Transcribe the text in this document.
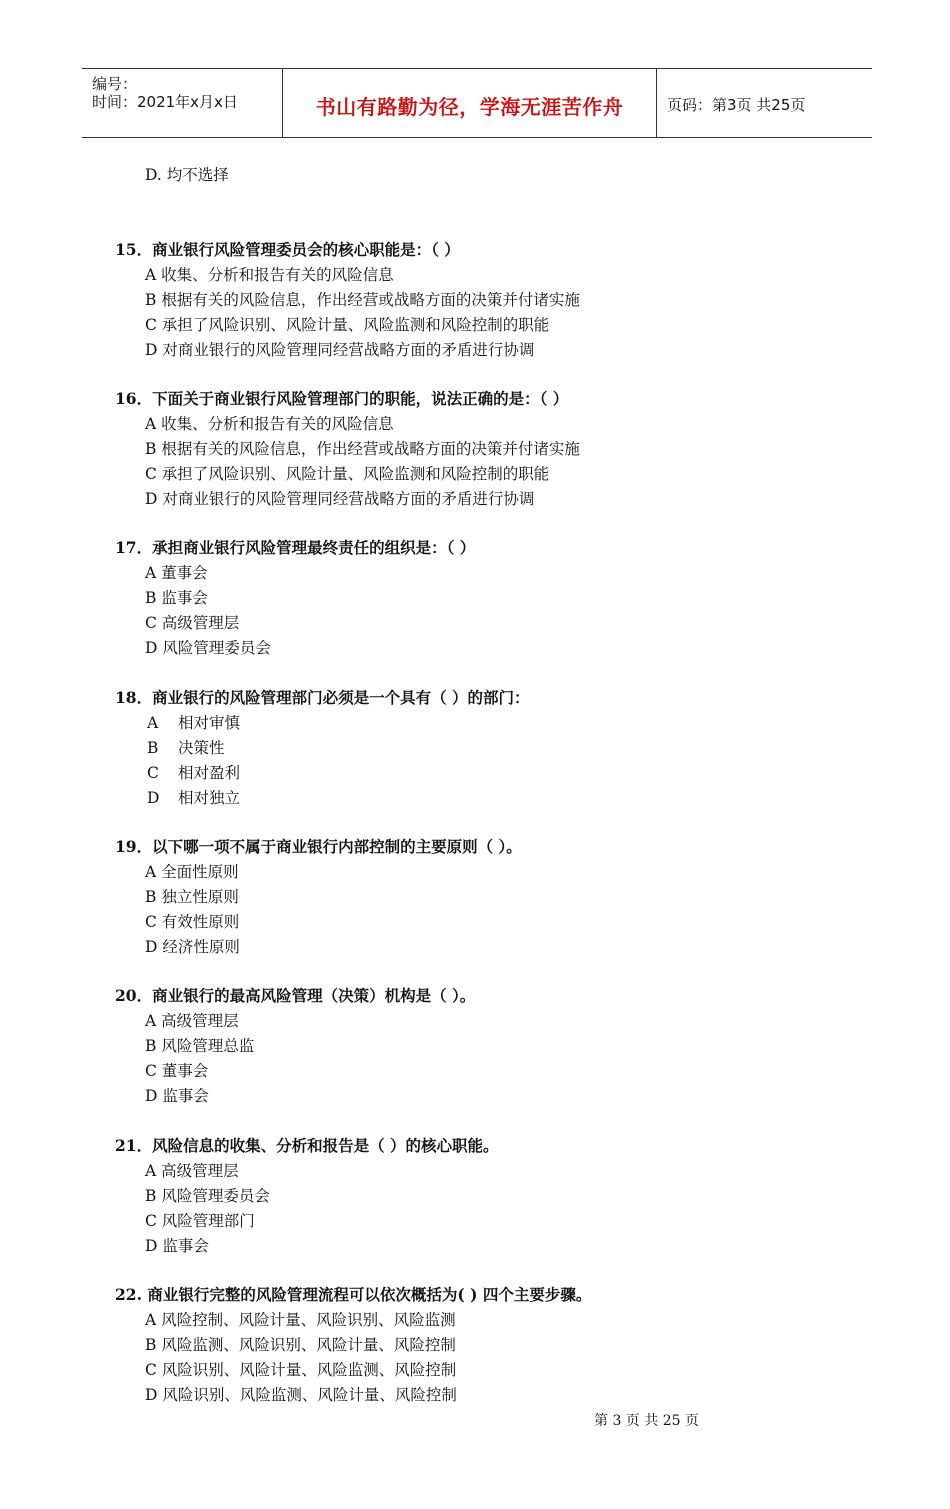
编号：
时间：2021年x月x日	书山有路勤为径，学海无涯苦作舟	页码：第3页 共25页
D. 均不选择
15．商业银行风险管理委员会的核心职能是：（ ）
A 收集、分析和报告有关的风险信息
B 根据有关的风险信息，作出经营或战略方面的决策并付诸实施
C 承担了风险识别、风险计量、风险监测和风险控制的职能
D 对商业银行的风险管理同经营战略方面的矛盾进行协调
16．下面关于商业银行风险管理部门的职能，说法正确的是：（ ）
A 收集、分析和报告有关的风险信息
B 根据有关的风险信息，作出经营或战略方面的决策并付诸实施
C 承担了风险识别、风险计量、风险监测和风险控制的职能
D 对商业银行的风险管理同经营战略方面的矛盾进行协调
17．承担商业银行风险管理最终责任的组织是：（ ）
A 董事会
B 监事会
C 高级管理层
D 风险管理委员会
18．商业银行的风险管理部门必须是一个具有（ ）的部门：
A 相对审慎
B 决策性
C 相对盈利
D 相对独立
19．以下哪一项不属于商业银行内部控制的主要原则（ ）。
A 全面性原则
B 独立性原则
C 有效性原则
D 经济性原则
20．商业银行的最高风险管理（决策）机构是（ ）。
A 高级管理层
B 风险管理总监
C 董事会
D 监事会
21．风险信息的收集、分析和报告是（ ）的核心职能。
A 高级管理层
B 风险管理委员会
C 风险管理部门
D 监事会
22. 商业银行完整的风险管理流程可以依次概括为( ) 四个主要步骤。
A 风险控制、风险计量、风险识别、风险监测
B 风险监测、风险识别、风险计量、风险控制
C 风险识别、风险计量、风险监测、风险控制
D 风险识别、风险监测、风险计量、风险控制
第 3 页 共 25 页
